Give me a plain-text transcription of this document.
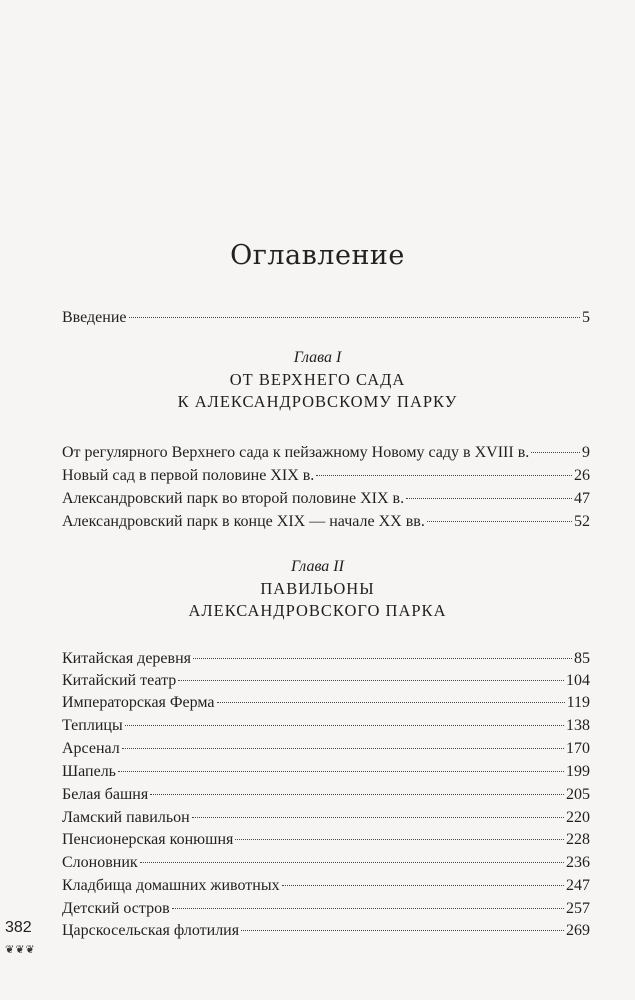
Оглавление
Введение	5
Глава I
ОТ ВЕРХНЕГО САДА
К АЛЕКСАНДРОВСКОМУ ПАРКУ
От регулярного Верхнего сада к пейзажному Новому саду в XVIII в.	9
Новый сад в первой половине XIX в.	26
Александровский парк во второй половине XIX в.	47
Александровский парк в конце XIX — начале XX вв.	52
Глава II
ПАВИЛЬОНЫ
АЛЕКСАНДРОВСКОГО ПАРКА
Китайская деревня	85
Китайский театр	104
Императорская Ферма	119
Теплицы	138
Арсенал	170
Шапель	199
Белая башня	205
Ламский павильон	220
Пенсионерская конюшня	228
Слоновник	236
Кладбища домашних животных	247
Детский остров	257
Царскосельская флотилия	269
382
❦❦❦
